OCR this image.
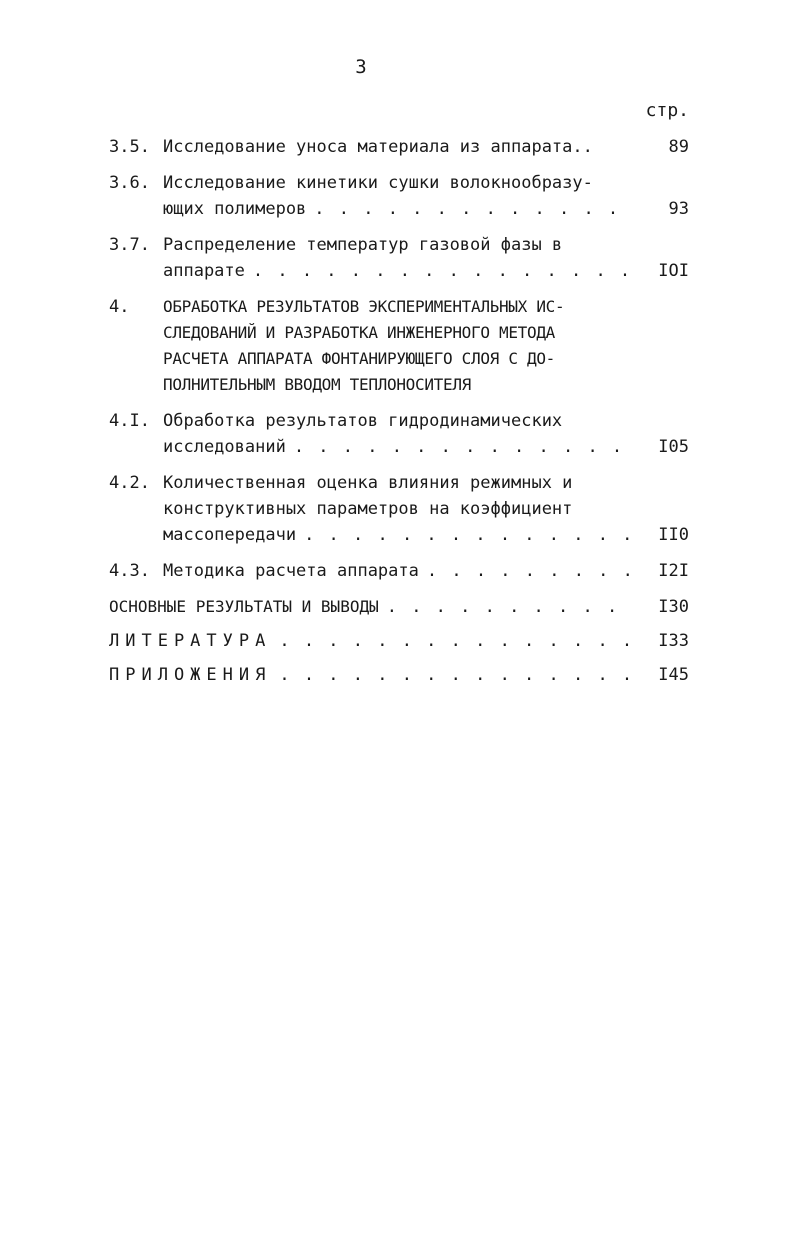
3
стр.
3.5. Исследование уноса материала из аппарата..	89
3.6. Исследование кинетики сушки волокнообразу-
ющих полимеров . . .	93
3.7. Распределение температур газовой фазы в
аппарате . . .	IOI
4.	ОБРАБОТКА РЕЗУЛЬТАТОВ ЭКСПЕРИМЕНТАЛЬНЫХ ИС-
СЛЕДОВАНИЙ И РАЗРАБОТКА ИНЖЕНЕРНОГО МЕТОДА
РАСЧЕТА АППАРАТА ФОНТАНИРУЮЩЕГО СЛОЯ С ДО-
ПОЛНИТЕЛЬНЫМ ВВОДОМ ТЕПЛОНОСИТЕЛЯ
4.I. Обработка результатов гидродинамических
исследований . . .	I05
4.2. Количественная оценка влияния режимных и
конструктивных параметров на коэффициент
массопередачи . . .	II0
4.3. Методика расчета аппарата . . .	I2I
ОСНОВНЫЕ РЕЗУЛЬТАТЫ И ВЫВОДЫ . . .	I30
ЛИТЕРАТУРА . . .	I33
ПРИЛОЖЕНИЯ . . .	I45
